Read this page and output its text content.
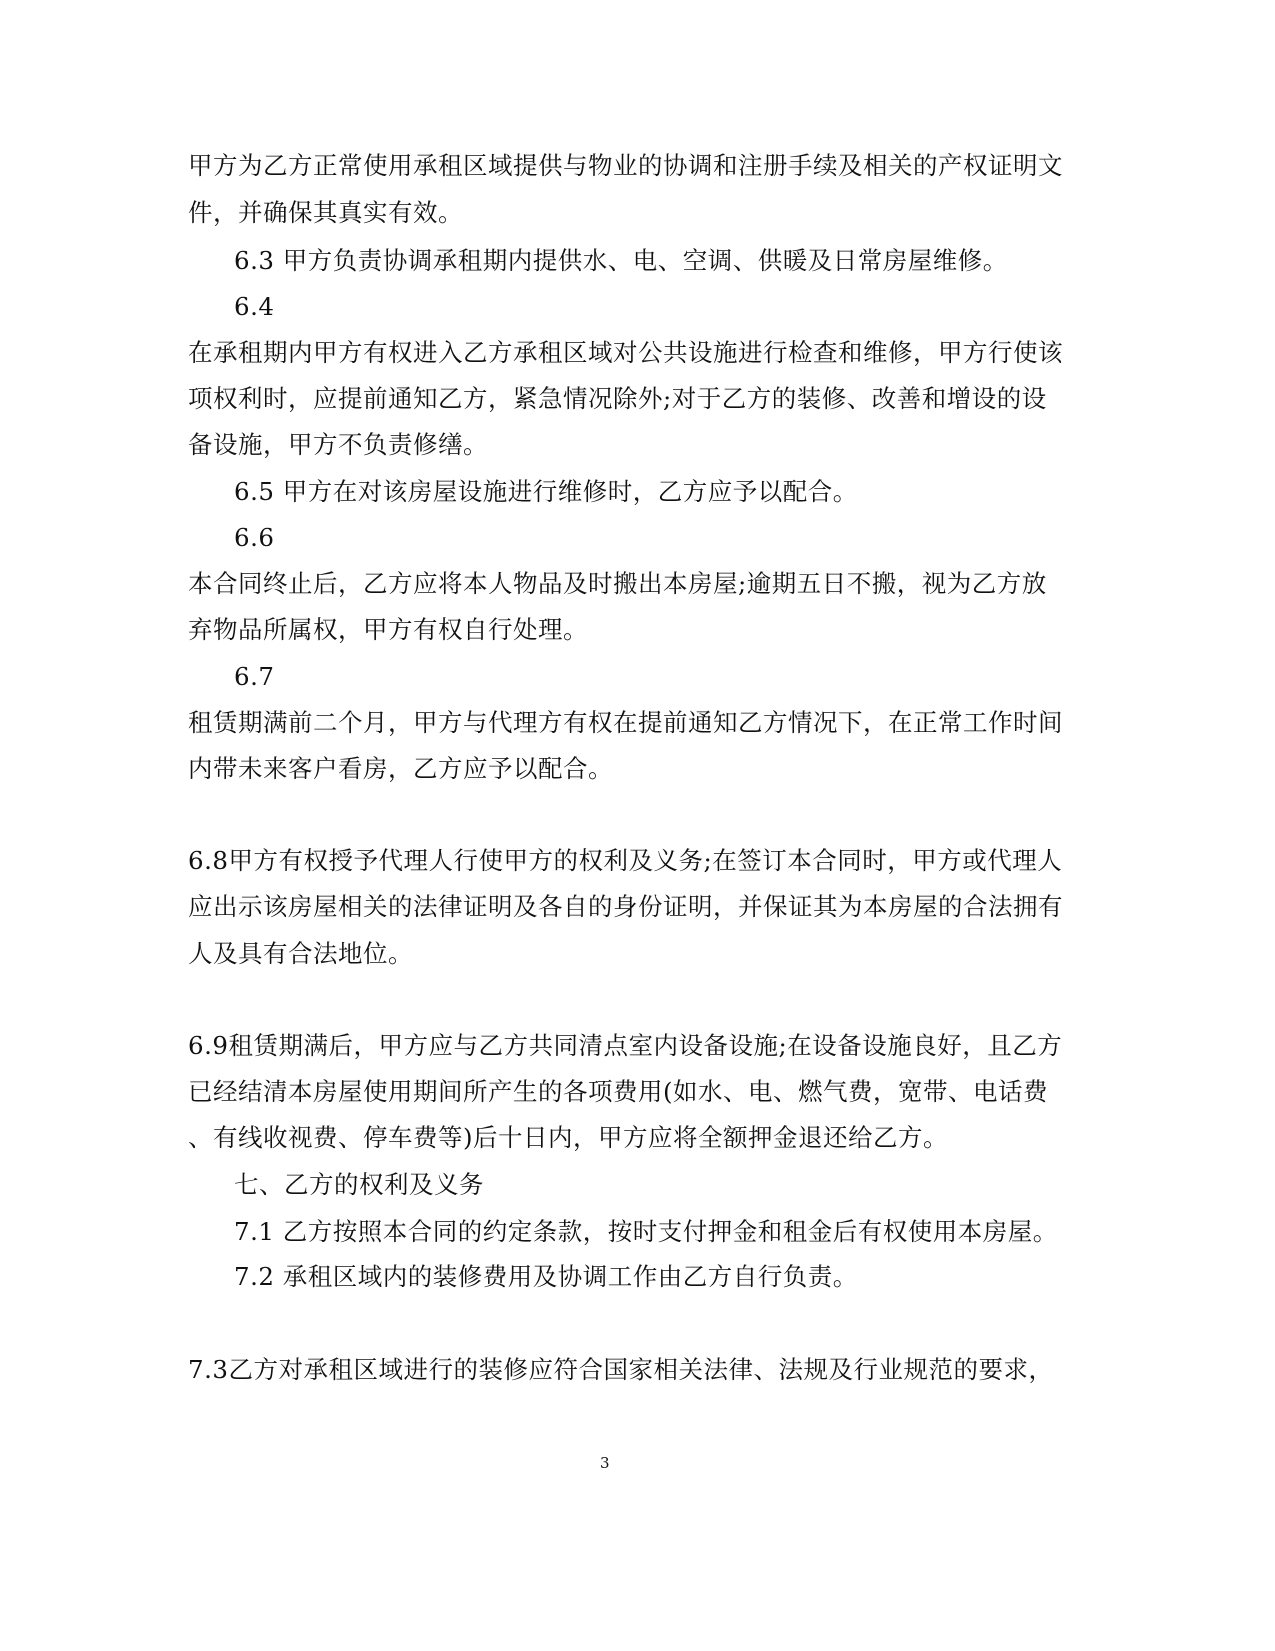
甲方为乙方正常使用承租区域提供与物业的协调和注册手续及相关的产权证明文
件，并确保其真实有效。
6.3 甲方负责协调承租期内提供水、电、空调、供暖及日常房屋维修。
6.4
在承租期内甲方有权进入乙方承租区域对公共设施进行检查和维修，甲方行使该
项权利时，应提前通知乙方，紧急情况除外;对于乙方的装修、改善和增设的设
备设施，甲方不负责修缮。
6.5 甲方在对该房屋设施进行维修时，乙方应予以配合。
6.6
本合同终止后，乙方应将本人物品及时搬出本房屋;逾期五日不搬，视为乙方放
弃物品所属权，甲方有权自行处理。
6.7
租赁期满前二个月，甲方与代理方有权在提前通知乙方情况下，在正常工作时间
内带未来客户看房，乙方应予以配合。
6.8甲方有权授予代理人行使甲方的权利及义务;在签订本合同时，甲方或代理人
应出示该房屋相关的法律证明及各自的身份证明，并保证其为本房屋的合法拥有
人及具有合法地位。
6.9租赁期满后，甲方应与乙方共同清点室内设备设施;在设备设施良好，且乙方
已经结清本房屋使用期间所产生的各项费用(如水、电、燃气费，宽带、电话费
、有线收视费、停车费等)后十日内，甲方应将全额押金退还给乙方。
七、乙方的权利及义务
7.1 乙方按照本合同的约定条款，按时支付押金和租金后有权使用本房屋。
7.2 承租区域内的装修费用及协调工作由乙方自行负责。
7.3乙方对承租区域进行的装修应符合国家相关法律、法规及行业规范的要求，
3
